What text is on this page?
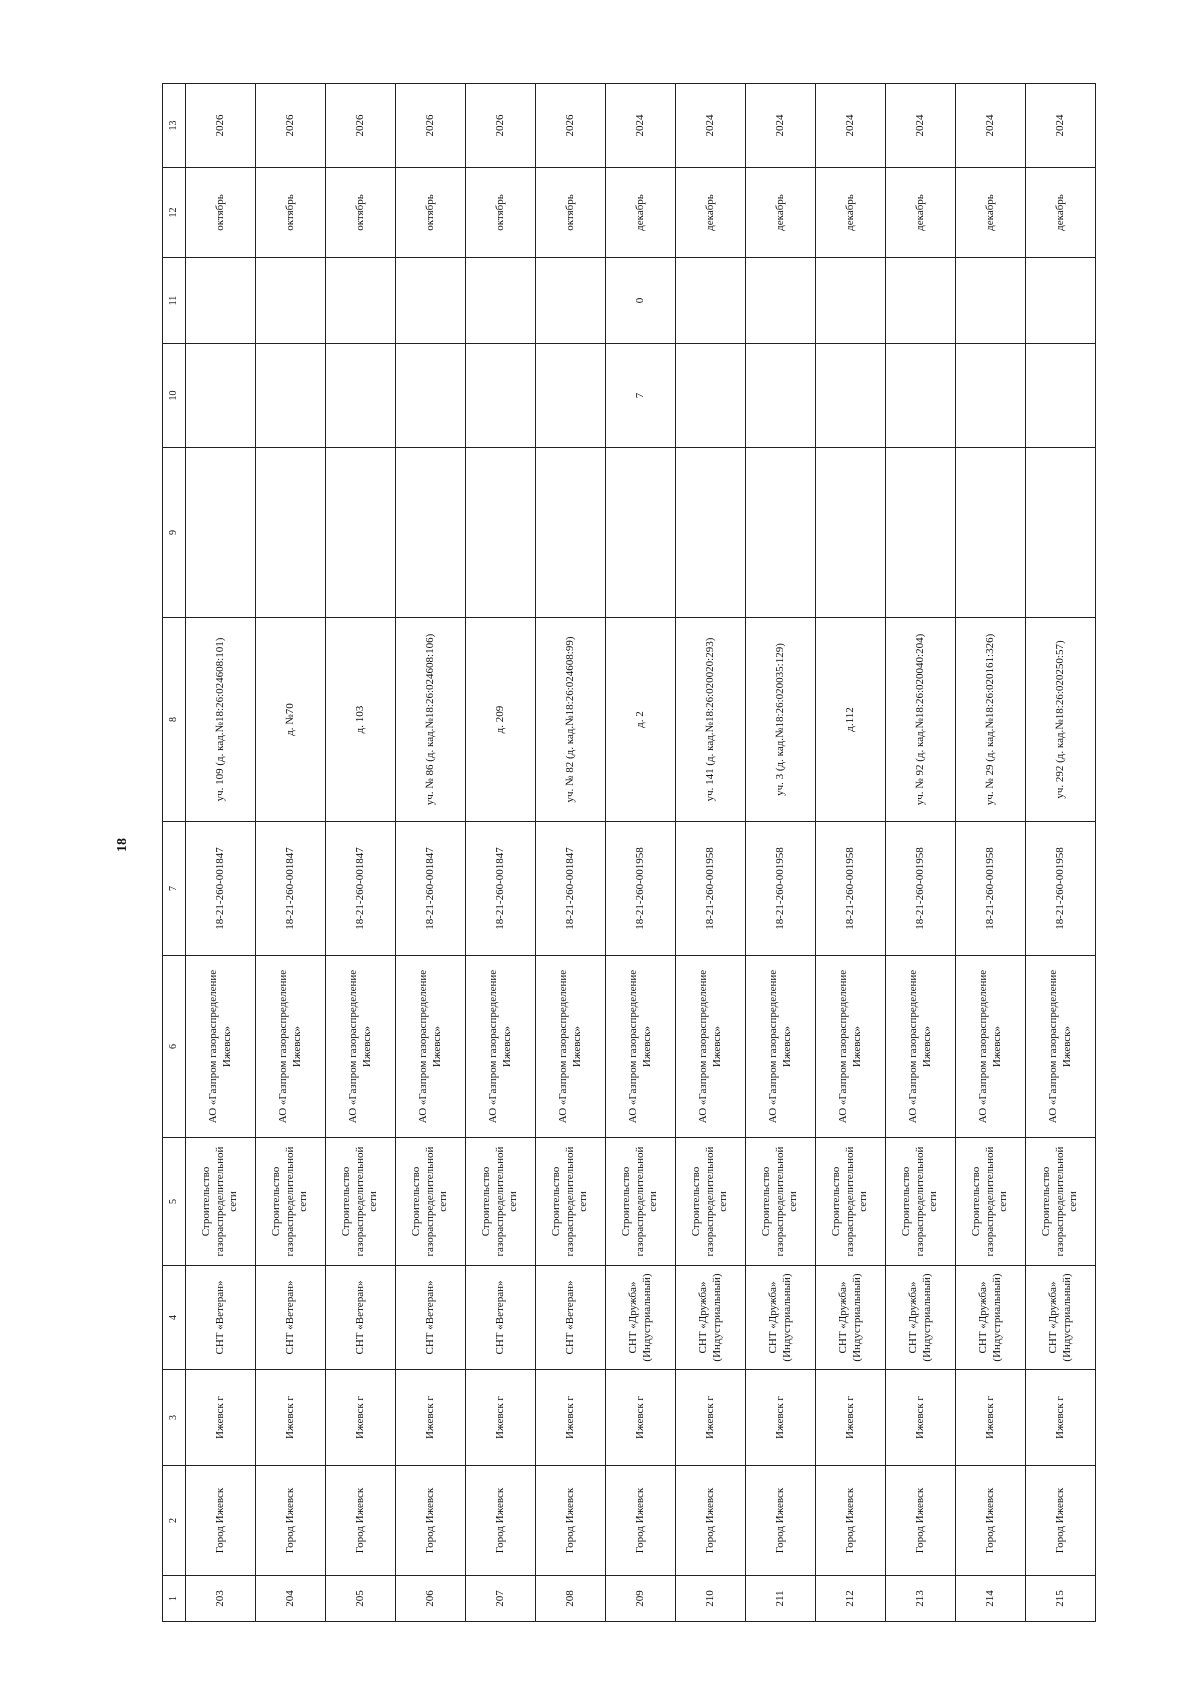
18
1	2	3	4	5	6	7	8	9	10	11	12	13
203	Город Ижевск	Ижевск г	СНТ «Ветеран»	Строительство газораспределительной сети	АО «Газпром газораспределение Ижевск»	18-21-260-001847	уч. 109 (д. кад.№18:26:024608:101)				октябрь	2026
204	Город Ижевск	Ижевск г	СНТ «Ветеран»	Строительство газораспределительной сети	АО «Газпром газораспределение Ижевск»	18-21-260-001847	д. №70				октябрь	2026
205	Город Ижевск	Ижевск г	СНТ «Ветеран»	Строительство газораспределительной сети	АО «Газпром газораспределение Ижевск»	18-21-260-001847	д. 103				октябрь	2026
206	Город Ижевск	Ижевск г	СНТ «Ветеран»	Строительство газораспределительной сети	АО «Газпром газораспределение Ижевск»	18-21-260-001847	уч. № 86 (д. кад.№18:26:024608:106)				октябрь	2026
207	Город Ижевск	Ижевск г	СНТ «Ветеран»	Строительство газораспределительной сети	АО «Газпром газораспределение Ижевск»	18-21-260-001847	д. 209				октябрь	2026
208	Город Ижевск	Ижевск г	СНТ «Ветеран»	Строительство газораспределительной сети	АО «Газпром газораспределение Ижевск»	18-21-260-001847	уч. № 82 (д. кад.№18:26:024608:99)				октябрь	2026
209	Город Ижевск	Ижевск г	СНТ «Дружба» (Индустриальный)	Строительство газораспределительной сети	АО «Газпром газораспределение Ижевск»	18-21-260-001958	д. 2		7	0	декабрь	2024
210	Город Ижевск	Ижевск г	СНТ «Дружба» (Индустриальный)	Строительство газораспределительной сети	АО «Газпром газораспределение Ижевск»	18-21-260-001958	уч. 141 (д. кад.№18:26:020020:293)				декабрь	2024
211	Город Ижевск	Ижевск г	СНТ «Дружба» (Индустриальный)	Строительство газораспределительной сети	АО «Газпром газораспределение Ижевск»	18-21-260-001958	уч. 3 (д. кад.№18:26:020035:129)				декабрь	2024
212	Город Ижевск	Ижевск г	СНТ «Дружба» (Индустриальный)	Строительство газораспределительной сети	АО «Газпром газораспределение Ижевск»	18-21-260-001958	д.112				декабрь	2024
213	Город Ижевск	Ижевск г	СНТ «Дружба» (Индустриальный)	Строительство газораспределительной сети	АО «Газпром газораспределение Ижевск»	18-21-260-001958	уч. № 92 (д. кад.№18:26:020040:204)				декабрь	2024
214	Город Ижевск	Ижевск г	СНТ «Дружба» (Индустриальный)	Строительство газораспределительной сети	АО «Газпром газораспределение Ижевск»	18-21-260-001958	уч. № 29 (д. кад.№18:26:020161:326)				декабрь	2024
215	Город Ижевск	Ижевск г	СНТ «Дружба» (Индустриальный)	Строительство газораспределительной сети	АО «Газпром газораспределение Ижевск»	18-21-260-001958	уч. 292 (д. кад.№18:26:020250:57)				декабрь	2024
